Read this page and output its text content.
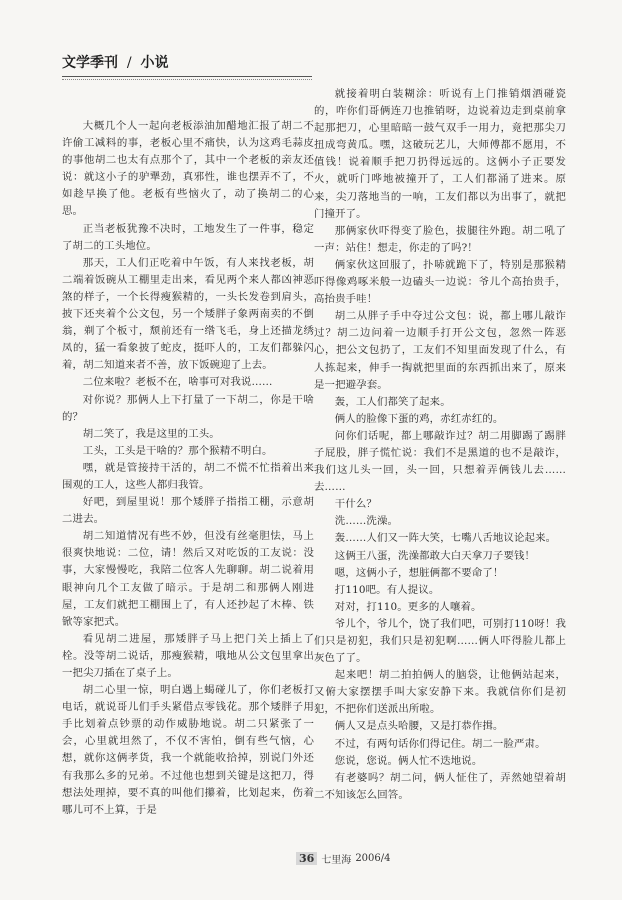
文学季刊 / 小说

大概几个人一起向老板添油加醋地汇报了胡二不许偷工减料的事，老板心里不痛快，认为这鸡毛蒜皮的事他胡二也太有点那个了，其中一个老板的亲友还说：就这小子的驴犟劲，真邪性，谁也摆弄不了，不如趁早换了他。老板有些恼火了，动了换胡二的心思。

正当老板犹豫不决时，工地发生了一件事，稳定了胡二的工头地位。

那天，工人们正吃着中午饭，有人来找老板，胡二端着饭碗从工棚里走出来，看见两个来人都凶神恶煞的样子，一个长得瘦猴精的，一头长发卷到肩头，披下还夹着个公文包，另一个矮胖子象两南卖的不倒翁，剃了个板寸，颓前还有一绺飞毛，身上还描龙绣凤的，猛一看象披了蛇皮，挺吓人的，工友们都躲闪着，胡二知道来者不善，放下饭碗迎了上去。

二位来啦？老板不在，啥事可对我说……

对你说？那俩人上下打量了一下胡二，你是干啥的？

胡二笑了，我是这里的工头。

工头，工头是干啥的？那个猴精不明白。

嘿，就是管接持干活的，胡二不慌不忙指着出来围观的工人，这些人都归我管。

好吧，到屋里说！那个矮胖子指指工棚，示意胡二进去。

胡二知道情况有些不妙，但没有丝毫胆怯，马上很爽快地说：二位，请！然后又对吃饭的工友说：没事，大家慢慢吃，我陪二位客人先聊聊。胡二说着用眼神向几个工友做了暗示。于是胡二和那俩人刚进屋，工友们就把工棚围上了，有人还抄起了木棒、铁锨等家把式。

看见胡二进屋，那矮胖子马上把门关上插上了栓。没等胡二说话，那瘦猴精，哦地从公文包里拿出一把尖刀插在了桌子上。

胡二心里一惊，明白遇上蝎碰儿了，你们老板打电话，就说哥儿们手头紧借点零钱花。那个矮胖子用手比划着点钞票的动作威胁地说。胡二只紧张了一会，心里就坦然了，不仅不害怕，倒有些气恼，心想，就你这俩孝货，我一个就能收拾掉，别说门外还有我那么多的兄弟。不过他也想到关键是这把刀，得想法处理掉，要不真的叫他们攥着，比划起来，伤着哪儿可不上算，于是

就接着明白装糊涂：听说有上门推销烟酒碰瓷的，咋你们哥俩连刀也推销呀，边说着边走到桌前拿起那把刀，心里暗暗一鼓气双手一用力，竟把那尖刀扭成弯黄瓜。嘿，这破玩艺儿，大师傅都不愿用，不值钱！说着顺手把刀扔得远远的。这俩小子正要发火，就听门哗地被撞开了，工人们都涌了进来。原来，尖刀落地当的一响，工友们都以为出事了，就把门撞开了。

那俩家伙吓得变了脸色，拔腿往外跑。胡二吼了一声：站住！想走，你走的了吗?！

俩家伙这回服了，扑哧就跪下了，特别是那猴精吓得像鸡啄米般一边磕头一边说：爷儿个高抬贵手，高抬贵手哇！

胡二从胖子手中夺过公文包：说，都上哪儿敲诈过？胡二边问着一边顺手打开公文包，忽然一阵恶心，把公文包扔了，工友们不知里面发现了什么，有人拣起来，伸手一掏就把里面的东西抓出来了，原来是一把避孕套。

轰，工人们都笑了起来。

俩人的脸像下蛋的鸡，赤红赤红的。

问你们话呢，都上哪敲诈过？胡二用脚踢了踢胖子屁股，胖子慌忙说：我们不是黑道的也不是敲诈，我们这儿头一回，头一回，只想着弄俩钱儿去……去……

干什么？

洗……洗澡。

轰……人们又一阵大笑，七嘴八舌地议论起来。

这俩王八蛋，洗澡都敢大白天拿刀子要钱！

嗯，这俩小子，想脏俩都不要命了！

打110吧。有人提议。

对对，打110。更多的人嚷着。

爷儿个，爷儿个，饶了我们吧，可别打110呀！我们只是初犯，我们只是初犯啊……俩人吓得脸儿都上灰色了了。

起来吧！胡二拍拍俩人的脑袋，让他俩站起来，又俯大家摆摆手叫大家安静下来。我就信你们是初犯，不把你们送派出所啦。

俩人又是点头哈腰，又是打恭作揖。

不过，有两句话你们得记住。胡二一脸严肃。

您说，您说。俩人忙不迭地说。

有老婆吗？胡二问，俩人怔住了，弄然她望着胡二不知该怎么回答。

36 七里海 2006/4
